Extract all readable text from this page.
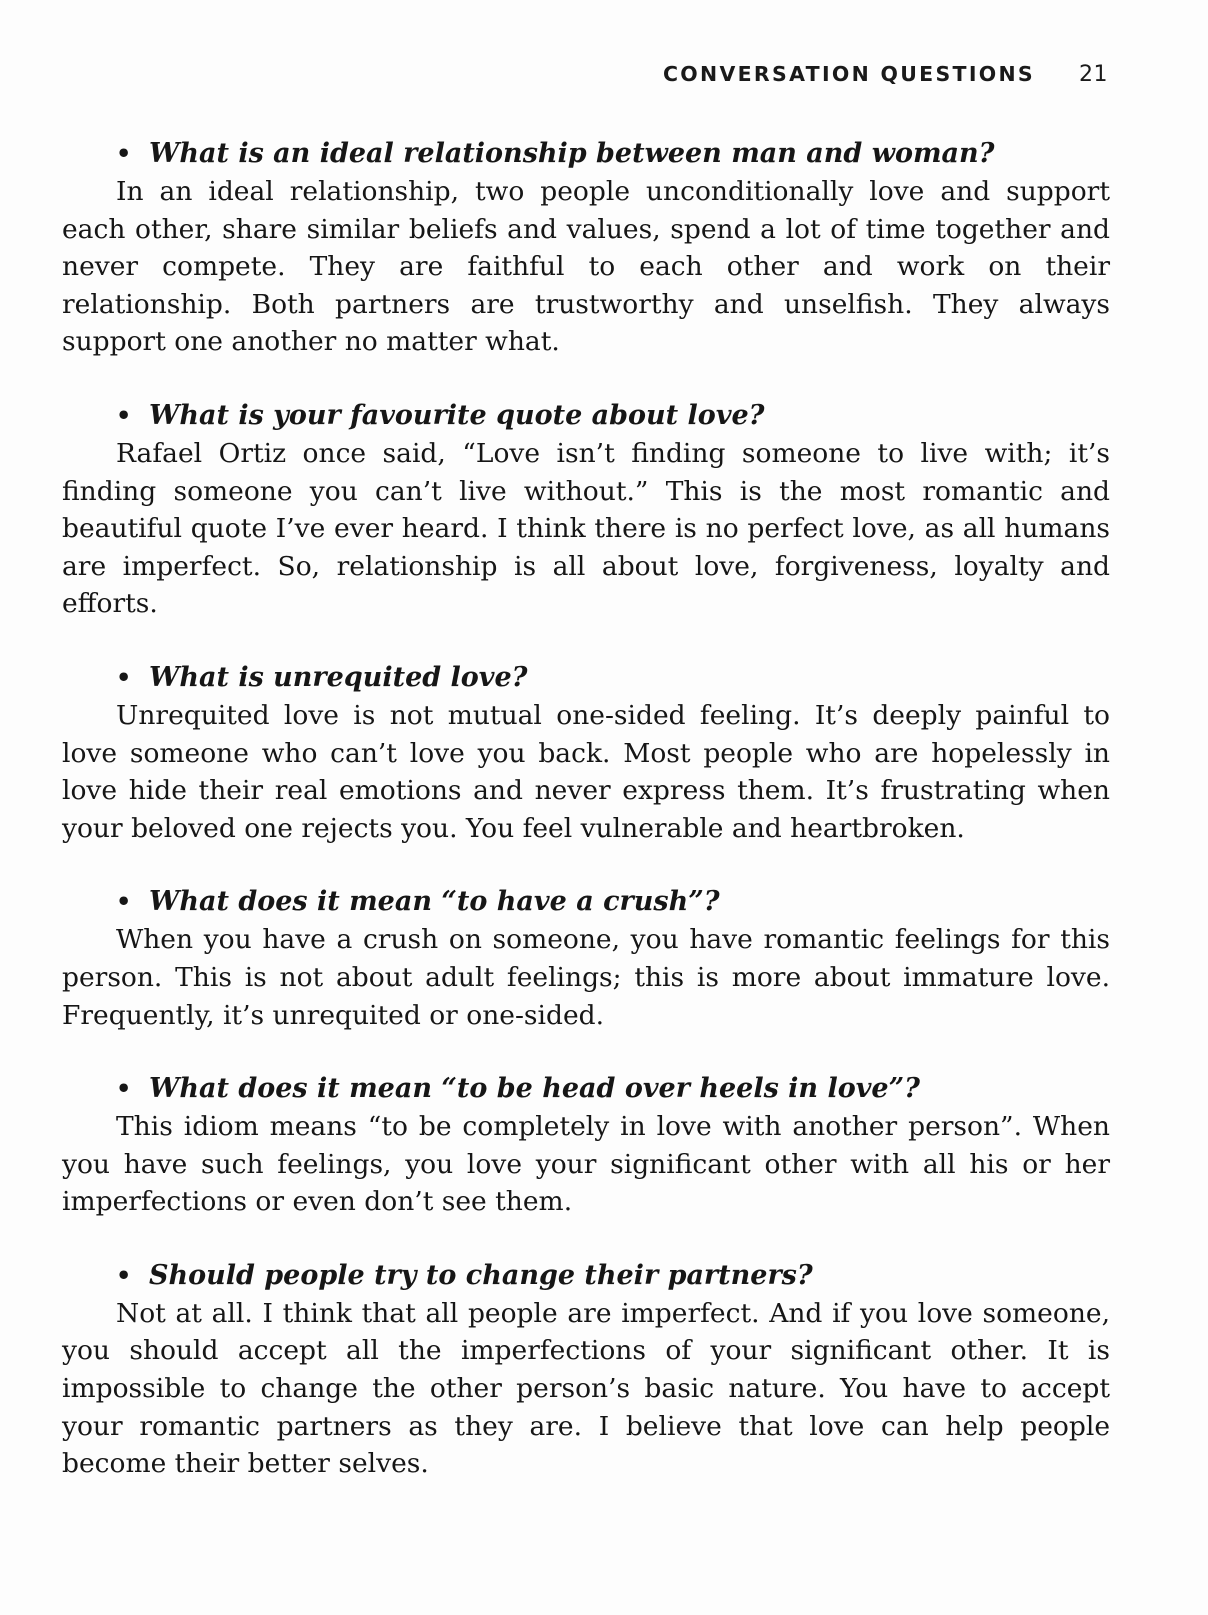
CONVERSATION QUESTIONS 21
• What is an ideal relationship between man and woman?

In an ideal relationship, two people unconditionally love and support each other, share similar beliefs and values, spend a lot of time together and never compete. They are faithful to each other and work on their relationship. Both partners are trustworthy and unselfish. They always support one another no matter what.

• What is your favourite quote about love?

Rafael Ortiz once said, “Love isn’t finding someone to live with; it’s finding someone you can’t live without.” This is the most romantic and beautiful quote I’ve ever heard. I think there is no perfect love, as all humans are imperfect. So, relationship is all about love, forgiveness, loyalty and efforts.

• What is unrequited love?

Unrequited love is not mutual one-sided feeling. It’s deeply painful to love someone who can’t love you back. Most people who are hopelessly in love hide their real emotions and never express them. It’s frustrating when your beloved one rejects you. You feel vulnerable and heartbroken.

• What does it mean “to have a crush”?

When you have a crush on someone, you have romantic feelings for this person. This is not about adult feelings; this is more about immature love. Frequently, it’s unrequited or one-sided.

• What does it mean “to be head over heels in love”?

This idiom means “to be completely in love with another person”. When you have such feelings, you love your significant other with all his or her imperfections or even don’t see them.

• Should people try to change their partners?

Not at all. I think that all people are imperfect. And if you love someone, you should accept all the imperfections of your significant other. It is impossible to change the other person’s basic nature. You have to accept your romantic partners as they are. I believe that love can help people become their better selves.
